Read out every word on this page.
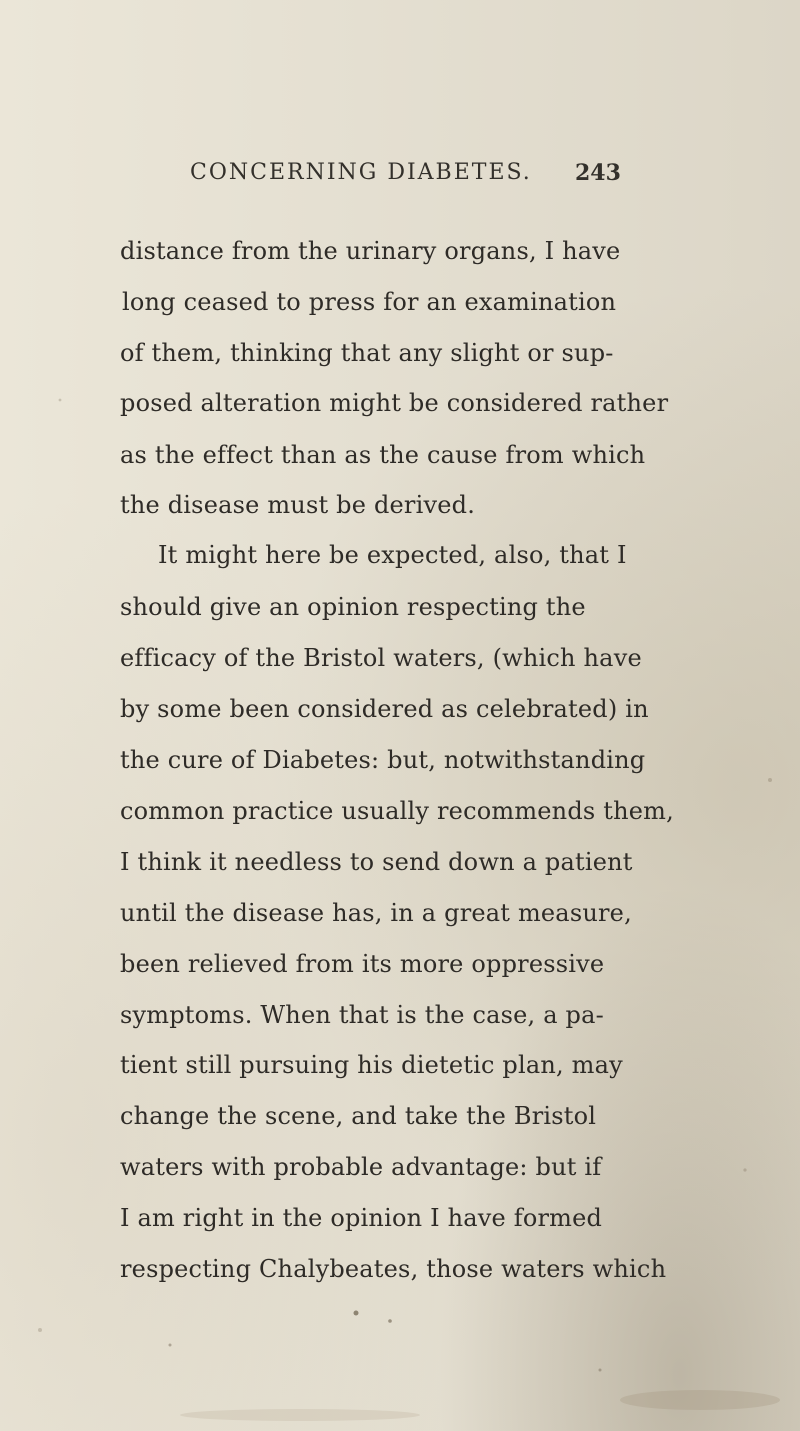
CONCERNING DIABETES. 243
distance from the urinary organs, I have
long ceased to press for an examination
of them, thinking that any slight or sup-
posed alteration might be considered rather
as the effect than as the cause from which
the disease must be derived.
It might here be expected, also, that I
should give an opinion respecting the
efficacy of the Bristol waters, (which have
by some been considered as celebrated) in
the cure of Diabetes: but, notwithstanding
common practice usually recommends them,
I think it needless to send down a patient
until the disease has, in a great measure,
been relieved from its more oppressive
symptoms. When that is the case, a pa-
tient still pursuing his dietetic plan, may
change the scene, and take the Bristol
waters with probable advantage: but if
I am right in the opinion I have formed
respecting Chalybeates, those waters which
